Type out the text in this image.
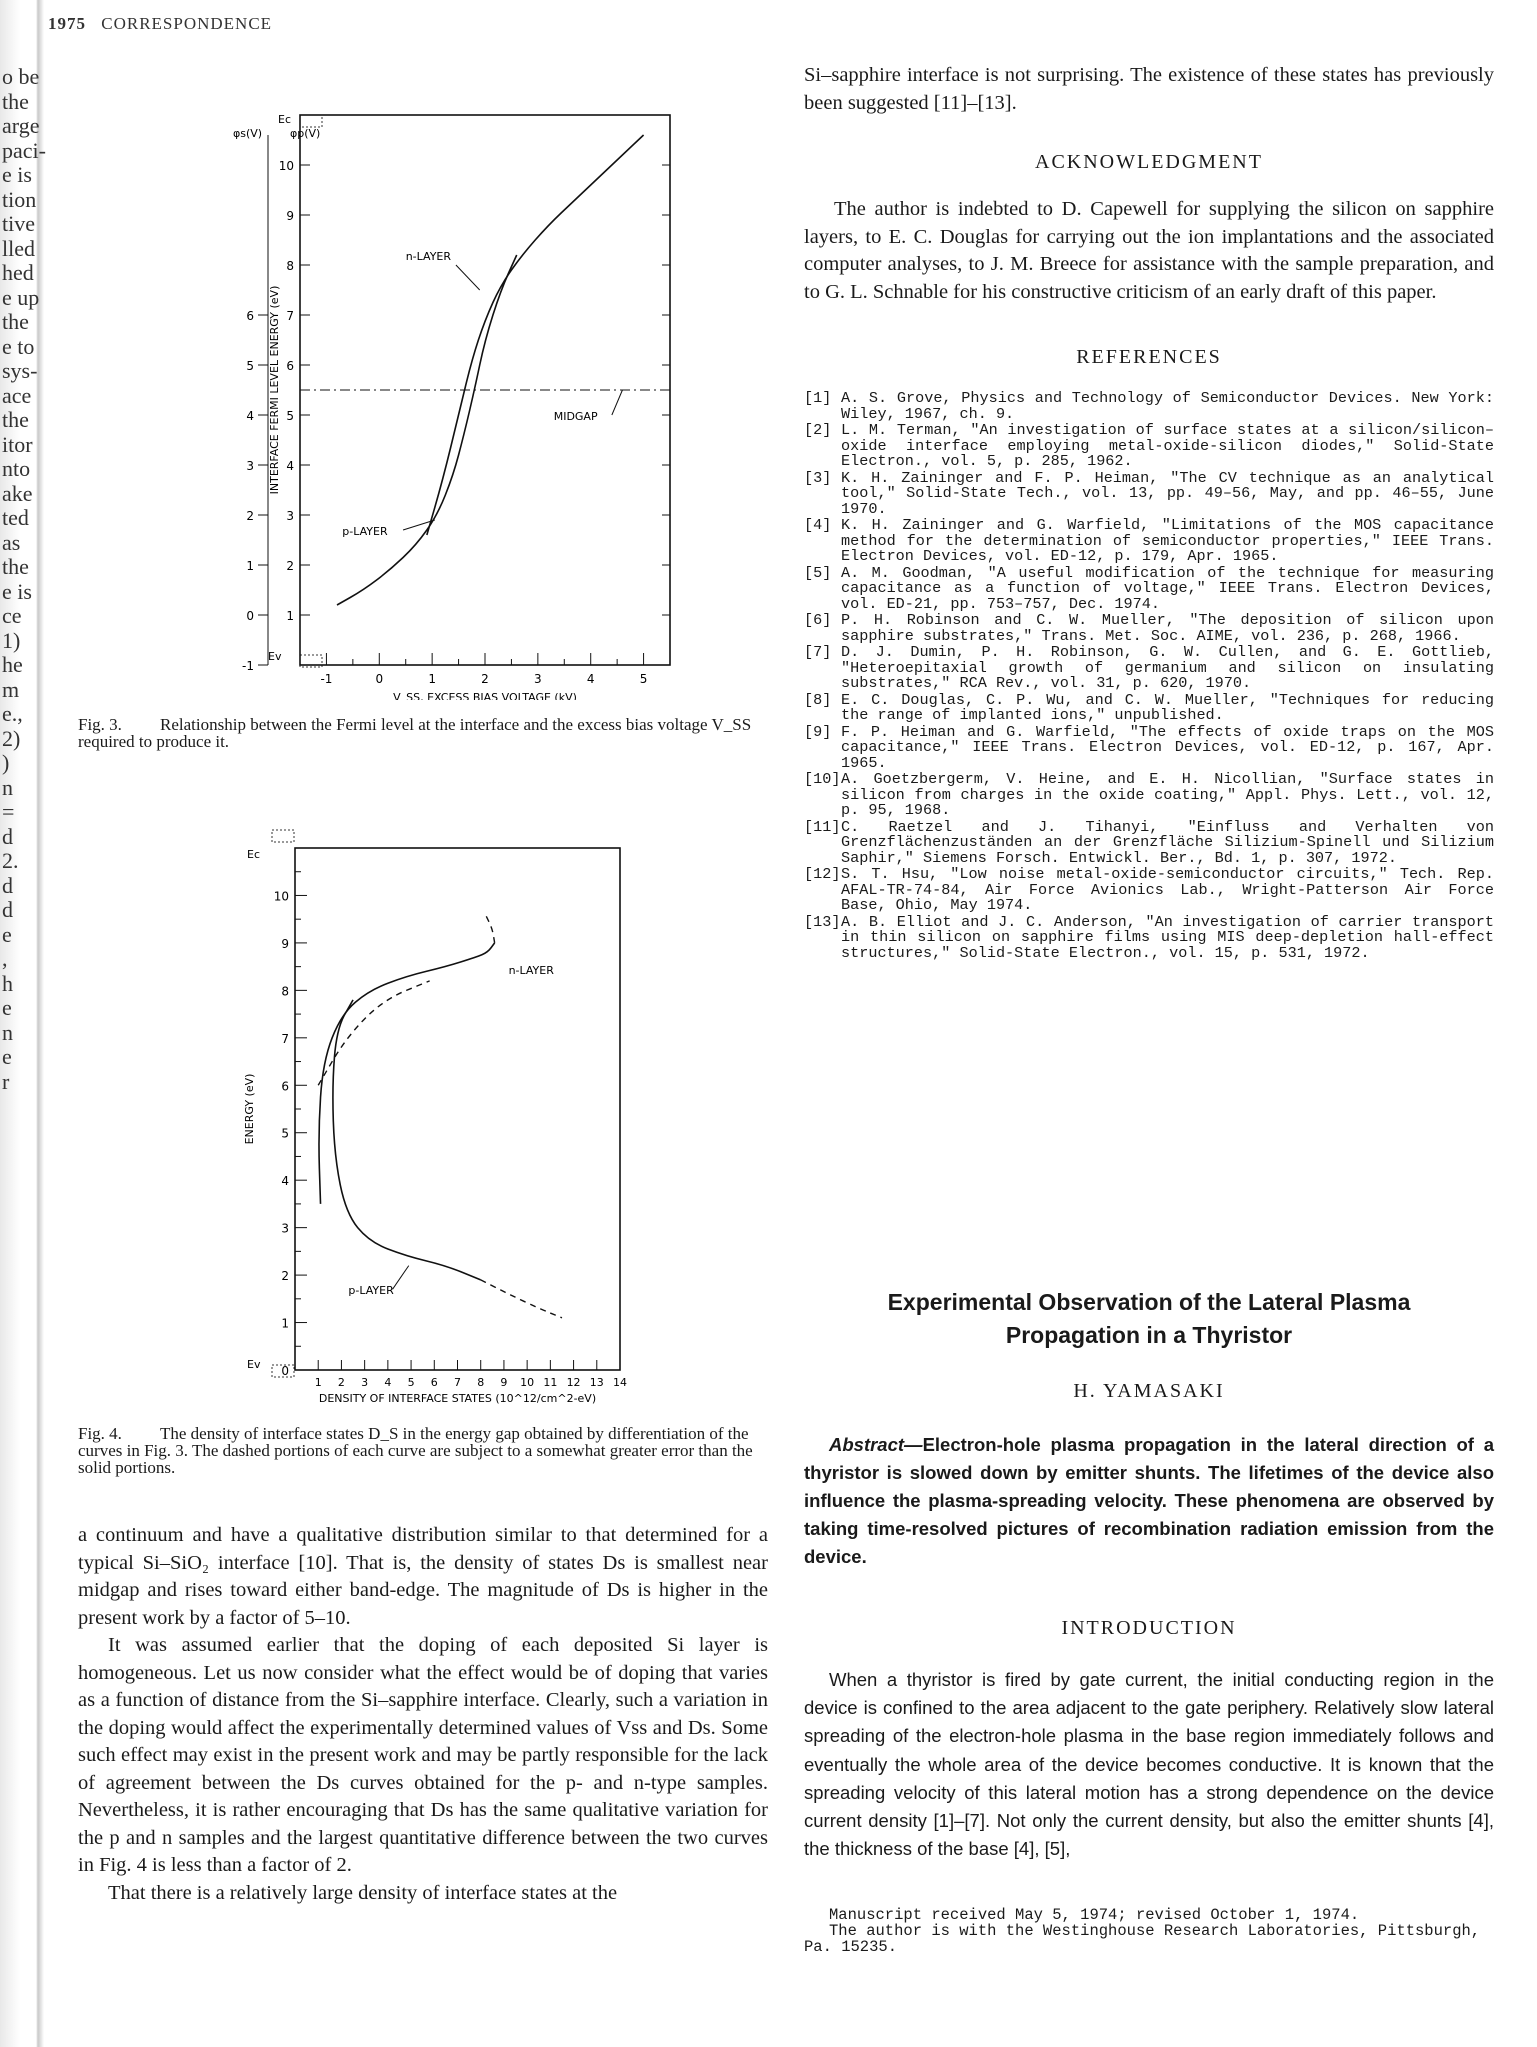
o be
the
arge
paci-
e is
tion
tive
lled
hed
e up
the
e to
sys-
ace
the
itor
nto
ake
ted
as
the
e is
ce
1)
he
m
e.,
2)
)
n
=
d
2.
d
d
e
,
h
e
n
e
r
1975 CORRESPONDENCE
1
2
3
4
5
6
7
8
9
10
-1
0
1
2
3
4
5
6
φs(V)	φp(V)
-1	0	1	2	3	4	5
V_SS, EXCESS BIAS VOLTAGE (kV)
INTERFACE FERMI LEVEL ENERGY (eV)
Ec
Ev
MIDGAP
n-LAYER
p-LAYER
Fig. 3. Relationship between the Fermi level at the interface and the excess bias voltage V_SS required to produce it.
1
2
3
4
5
6
7
8
9
10
0
1 2 3 4 5 6 7 8 9 10 11 12 13 14
DENSITY OF INTERFACE STATES (10^12/cm^2-eV)
ENERGY (eV)
Ec
Ev
n-LAYER
p-LAYER
Fig. 4. The density of interface states D_S in the energy gap obtained by differentiation of the curves in Fig. 3. The dashed portions of each curve are subject to a somewhat greater error than the solid portions.

a continuum and have a qualitative distribution similar to that determined for a typical Si–SiO₂ interface [10]. That is, the density of states Ds is smallest near midgap and rises toward either band-edge. The magnitude of Ds is higher in the present work by a factor of 5–10.

It was assumed earlier that the doping of each deposited Si layer is homogeneous. Let us now consider what the effect would be of doping that varies as a function of distance from the Si–sapphire interface. Clearly, such a variation in the doping would affect the experimentally determined values of Vss and Ds. Some such effect may exist in the present work and may be partly responsible for the lack of agreement between the Ds curves obtained for the p- and n-type samples. Nevertheless, it is rather encouraging that Ds has the same qualitative variation for the p and n samples and the largest quantitative difference between the two curves in Fig. 4 is less than a factor of 2.

That there is a relatively large density of interface states at the

Si–sapphire interface is not surprising. The existence of these states has previously been suggested [11]–[13].

ACKNOWLEDGMENT

The author is indebted to D. Capewell for supplying the silicon on sapphire layers, to E. C. Douglas for carrying out the ion implantations and the associated computer analyses, to J. M. Breece for assistance with the sample preparation, and to G. L. Schnable for his constructive criticism of an early draft of this paper.

REFERENCES

[1] A. S. Grove, Physics and Technology of Semiconductor Devices. New York: Wiley, 1967, ch. 9.
[2] L. M. Terman, "An investigation of surface states at a silicon/silicon–oxide interface employing metal-oxide-silicon diodes," Solid-State Electron., vol. 5, p. 285, 1962.
[3] K. H. Zaininger and F. P. Heiman, "The CV technique as an analytical tool," Solid-State Tech., vol. 13, pp. 49–56, May, and pp. 46–55, June 1970.
[4] K. H. Zaininger and G. Warfield, "Limitations of the MOS capacitance method for the determination of semiconductor properties," IEEE Trans. Electron Devices, vol. ED-12, p. 179, Apr. 1965.
[5] A. M. Goodman, "A useful modification of the technique for measuring capacitance as a function of voltage," IEEE Trans. Electron Devices, vol. ED-21, pp. 753–757, Dec. 1974.
[6] P. H. Robinson and C. W. Mueller, "The deposition of silicon upon sapphire substrates," Trans. Met. Soc. AIME, vol. 236, p. 268, 1966.
[7] D. J. Dumin, P. H. Robinson, G. W. Cullen, and G. E. Gottlieb, "Heteroepitaxial growth of germanium and silicon on insulating substrates," RCA Rev., vol. 31, p. 620, 1970.
[8] E. C. Douglas, C. P. Wu, and C. W. Mueller, "Techniques for reducing the range of implanted ions," unpublished.
[9] F. P. Heiman and G. Warfield, "The effects of oxide traps on the MOS capacitance," IEEE Trans. Electron Devices, vol. ED-12, p. 167, Apr. 1965.
[10] A. Goetzbergerm, V. Heine, and E. H. Nicollian, "Surface states in silicon from charges in the oxide coating," Appl. Phys. Lett., vol. 12, p. 95, 1968.
[11] C. Raetzel and J. Tihanyi, "Einfluss and Verhalten von Grenzflächenzuständen an der Grenzfläche Silizium-Spinell und Silizium Saphir," Siemens Forsch. Entwickl. Ber., Bd. 1, p. 307, 1972.
[12] S. T. Hsu, "Low noise metal-oxide-semiconductor circuits," Tech. Rep. AFAL-TR-74-84, Air Force Avionics Lab., Wright-Patterson Air Force Base, Ohio, May 1974.
[13] A. B. Elliot and J. C. Anderson, "An investigation of carrier transport in thin silicon on sapphire films using MIS deep-depletion hall-effect structures," Solid-State Electron., vol. 15, p. 531, 1972.
Experimental Observation of the Lateral Plasma
Propagation in a Thyristor
H. YAMASAKI

Abstract—Electron-hole plasma propagation in the lateral direction of a thyristor is slowed down by emitter shunts. The lifetimes of the device also influence the plasma-spreading velocity. These phenomena are observed by taking time-resolved pictures of recombination radiation emission from the device.

INTRODUCTION

When a thyristor is fired by gate current, the initial conducting region in the device is confined to the area adjacent to the gate periphery. Relatively slow lateral spreading of the electron-hole plasma in the base region immediately follows and eventually the whole area of the device becomes conductive. It is known that the spreading velocity of this lateral motion has a strong dependence on the device current density [1]–[7]. Not only the current density, but also the emitter shunts [4], the thickness of the base [4], [5],

Manuscript received May 5, 1974; revised October 1, 1974.
The author is with the Westinghouse Research Laboratories, Pittsburgh, Pa. 15235.
